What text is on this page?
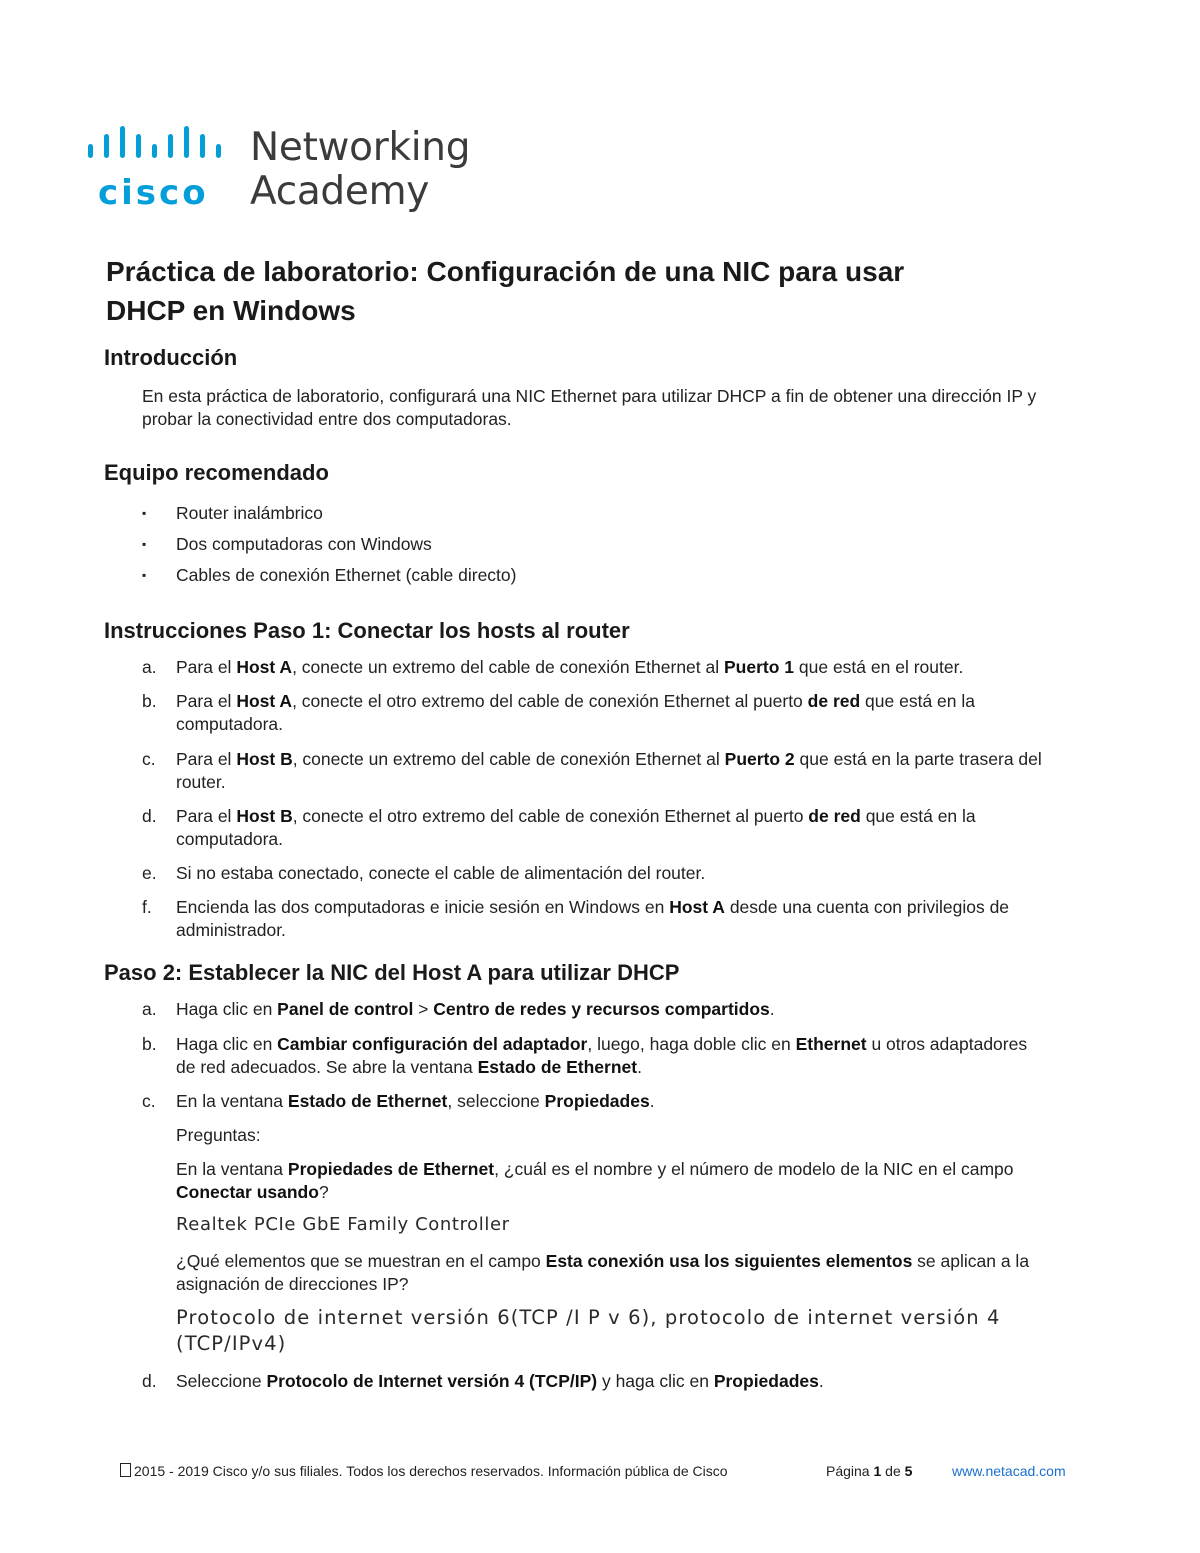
cisco
Networking
Academy
Práctica de laboratorio: Configuración de una NIC para usar
DHCP en Windows
Introducción

En esta práctica de laboratorio, configurará una NIC Ethernet para utilizar DHCP a fin de obtener una dirección IP y probar la conectividad entre dos computadoras.

Equipo recomendado
▪ Router inalámbrico
▪ Dos computadoras con Windows
▪ Cables de conexión Ethernet (cable directo)
Instrucciones Paso 1: Conectar los hosts al router
a.	Para el Host A, conecte un extremo del cable de conexión Ethernet al Puerto 1 que está en el router.
b.	Para el Host A, conecte el otro extremo del cable de conexión Ethernet al puerto de red que está en la computadora.
c.	Para el Host B, conecte un extremo del cable de conexión Ethernet al Puerto 2 que está en la parte trasera del router.
d.	Para el Host B, conecte el otro extremo del cable de conexión Ethernet al puerto de red que está en la computadora.
e.	Si no estaba conectado, conecte el cable de alimentación del router.
f.	Encienda las dos computadoras e inicie sesión en Windows en Host A desde una cuenta con privilegios de administrador.
Paso 2: Establecer la NIC del Host A para utilizar DHCP
a.	Haga clic en Panel de control > Centro de redes y recursos compartidos.
b.	Haga clic en Cambiar configuración del adaptador, luego, haga doble clic en Ethernet u otros adaptadores de red adecuados. Se abre la ventana Estado de Ethernet.
c.	En la ventana Estado de Ethernet, seleccione Propiedades.
Preguntas:
En la ventana Propiedades de Ethernet, ¿cuál es el nombre y el número de modelo de la NIC en el campo Conectar usando?
Realtek PCIe GbE Family Controller
¿Qué elementos que se muestran en el campo Esta conexión usa los siguientes elementos se aplican a la asignación de direcciones IP?
Protocolo de internet versión 6(TCP /I P v 6), protocolo de internet versión 4 (TCP/IPv4)
d.	Seleccione Protocolo de Internet versión 4 (TCP/IP) y haga clic en Propiedades.
2015 - 2019 Cisco y/o sus filiales. Todos los derechos reservados. Información pública de Cisco	Página 1 de 5	www.netacad.com
